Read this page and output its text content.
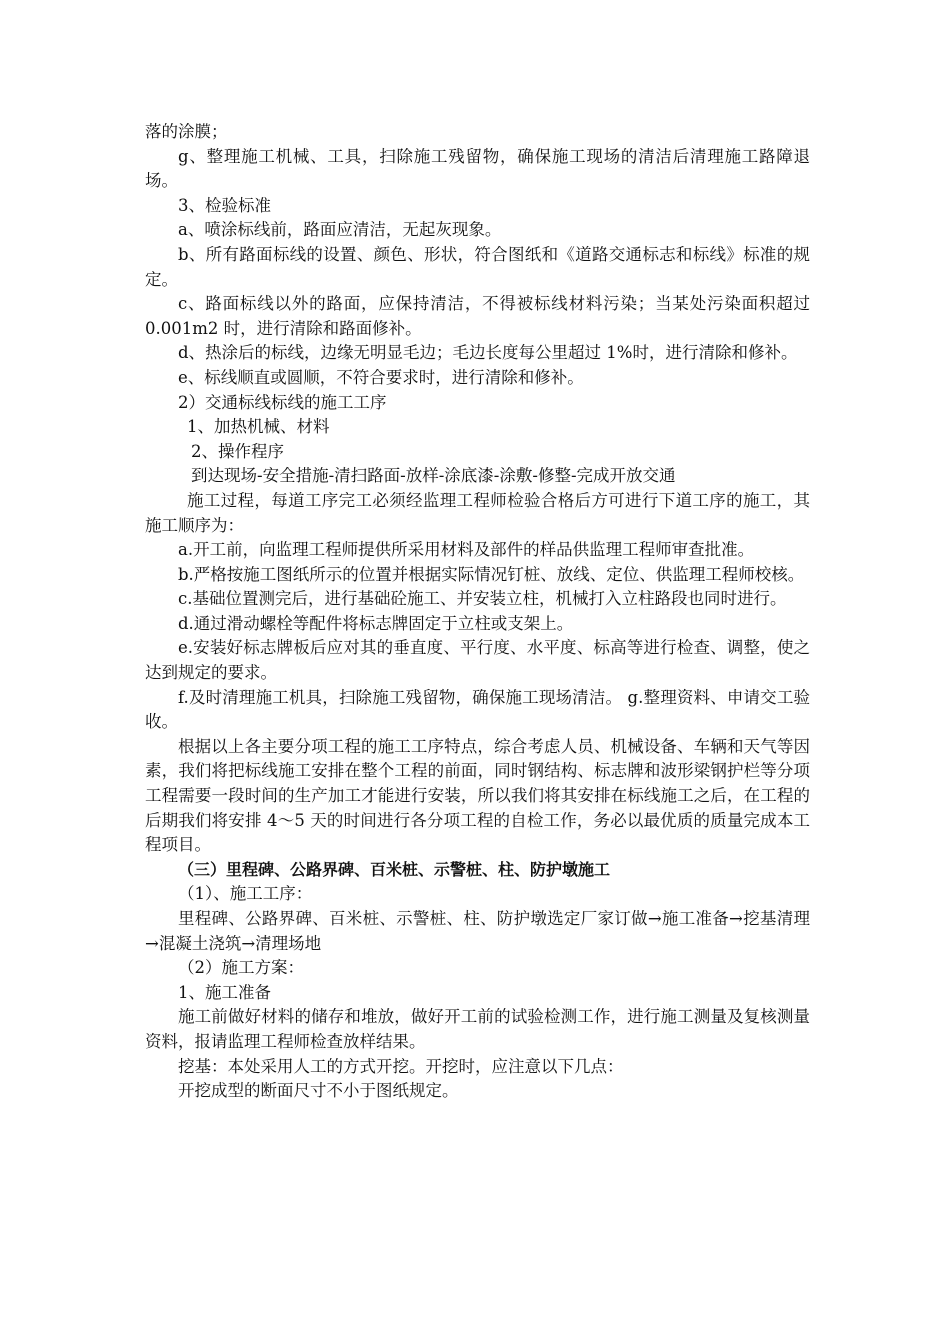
落的涂膜；

g、整理施工机械、工具，扫除施工残留物，确保施工现场的清洁后清理施工路障退场。

3、检验标准

a、喷涂标线前，路面应清洁，无起灰现象。

b、所有路面标线的设置、颜色、形状，符合图纸和《道路交通标志和标线》标准的规定。

c、路面标线以外的路面，应保持清洁，不得被标线材料污染；当某处污染面积超过 0.001m2 时，进行清除和路面修补。

d、热涂后的标线，边缘无明显毛边；毛边长度每公里超过 1%时，进行清除和修补。

e、标线顺直或圆顺，不符合要求时，进行清除和修补。

2）交通标线标线的施工工序

1、加热机械、材料

2、操作程序

到达现场-安全措施-清扫路面-放样-涂底漆-涂敷-修整-完成开放交通

施工过程，每道工序完工必须经监理工程师检验合格后方可进行下道工序的施工，其施工顺序为：

a.开工前，向监理工程师提供所采用材料及部件的样品供监理工程师审查批准。

b.严格按施工图纸所示的位置并根据实际情况钉桩、放线、定位、供监理工程师校核。

c.基础位置测完后，进行基础砼施工、并安装立柱，机械打入立柱路段也同时进行。

d.通过滑动螺栓等配件将标志牌固定于立柱或支架上。

e.安装好标志牌板后应对其的垂直度、平行度、水平度、标高等进行检查、调整，使之达到规定的要求。

f.及时清理施工机具，扫除施工残留物，确保施工现场清洁。 g.整理资料、申请交工验收。

根据以上各主要分项工程的施工工序特点，综合考虑人员、机械设备、车辆和天气等因素，我们将把标线施工安排在整个工程的前面，同时钢结构、标志牌和波形梁钢护栏等分项工程需要一段时间的生产加工才能进行安装，所以我们将其安排在标线施工之后，在工程的后期我们将安排 4～5 天的时间进行各分项工程的自检工作，务必以最优质的质量完成本工程项目。

（三）里程碑、公路界碑、百米桩、示警桩、柱、防护墩施工

（1）、施工工序：

里程碑、公路界碑、百米桩、示警桩、柱、防护墩选定厂家订做→施工准备→挖基清理→混凝土浇筑→清理场地

（2）施工方案：

1、施工准备

施工前做好材料的储存和堆放，做好开工前的试验检测工作，进行施工测量及复核测量资料，报请监理工程师检查放样结果。

挖基：本处采用人工的方式开挖。开挖时，应注意以下几点：

开挖成型的断面尺寸不小于图纸规定。
